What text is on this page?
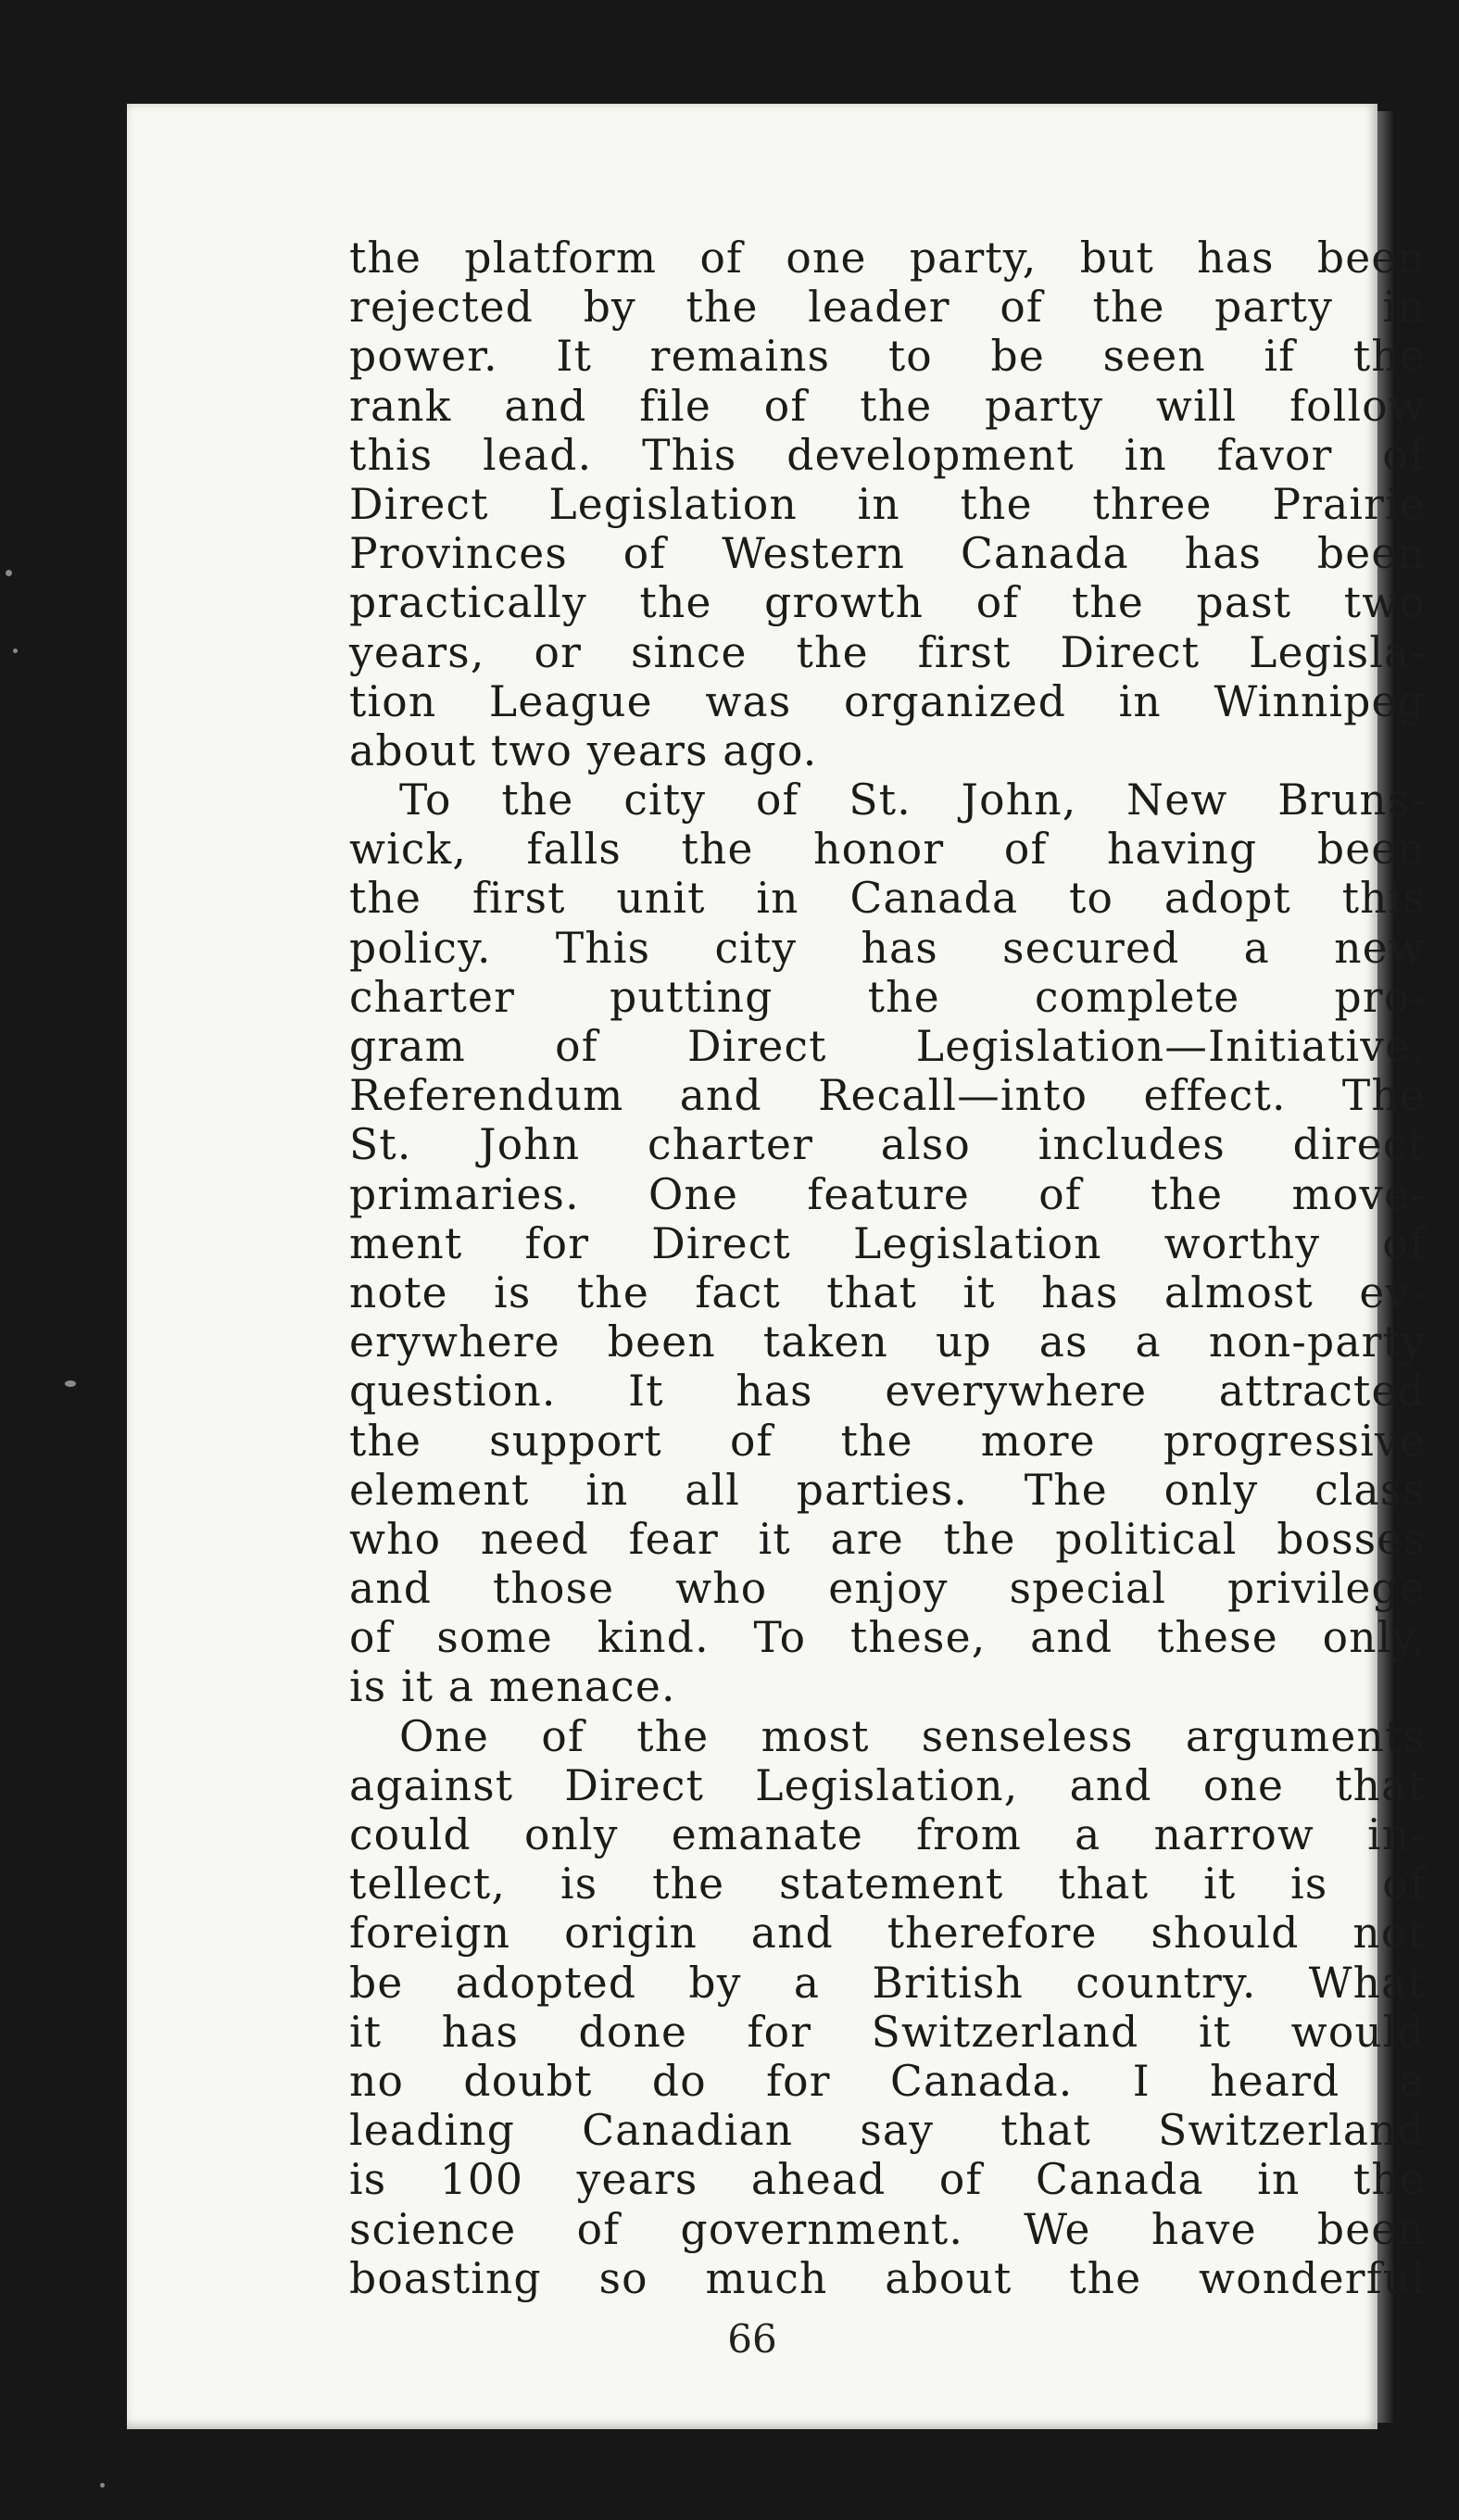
the platform of one party, but has been
rejected by the leader of the party in
power. It remains to be seen if the
rank and file of the party will follow
this lead. This development in favor of
Direct Legislation in the three Prairie
Provinces of Western Canada has been
practically the growth of the past two
years, or since the first Direct Legisla-
tion League was organized in Winnipeg
about two years ago.
To the city of St. John, New Bruns-
wick, falls the honor of having been
the first unit in Canada to adopt this
policy. This city has secured a new
charter putting the complete pro-
gram of Direct Legislation—Initiative,
Referendum and Recall—into effect. The
St. John charter also includes direct
primaries. One feature of the move-
ment for Direct Legislation worthy of
note is the fact that it has almost ev-
erywhere been taken up as a non-party
question. It has everywhere attracted
the support of the more progressive
element in all parties. The only class
who need fear it are the political bosses
and those who enjoy special privilege
of some kind. To these, and these only,
is it a menace.
One of the most senseless arguments
against Direct Legislation, and one that
could only emanate from a narrow in-
tellect, is the statement that it is of
foreign origin and therefore should not
be adopted by a British country. What
it has done for Switzerland it would
no doubt do for Canada. I heard a
leading Canadian say that Switzerland
is 100 years ahead of Canada in the
science of government. We have been
boasting so much about the wonderful
66
